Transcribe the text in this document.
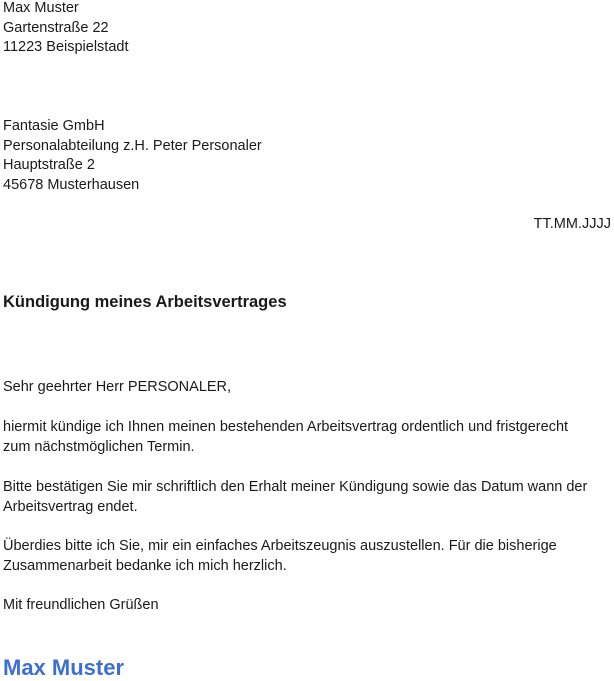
Max Muster
Gartenstraße 22
11223 Beispielstadt
Fantasie GmbH
Personalabteilung z.H. Peter Personaler
Hauptstraße 2
45678 Musterhausen
TT.MM.JJJJ
Kündigung meines Arbeitsvertrages
Sehr geehrter Herr PERSONALER,
hiermit kündige ich Ihnen meinen bestehenden Arbeitsvertrag ordentlich und fristgerecht
zum nächstmöglichen Termin.
Bitte bestätigen Sie mir schriftlich den Erhalt meiner Kündigung sowie das Datum wann der
Arbeitsvertrag endet.
Überdies bitte ich Sie, mir ein einfaches Arbeitszeugnis auszustellen. Für die bisherige
Zusammenarbeit bedanke ich mich herzlich.
Mit freundlichen Grüßen
Max Muster
